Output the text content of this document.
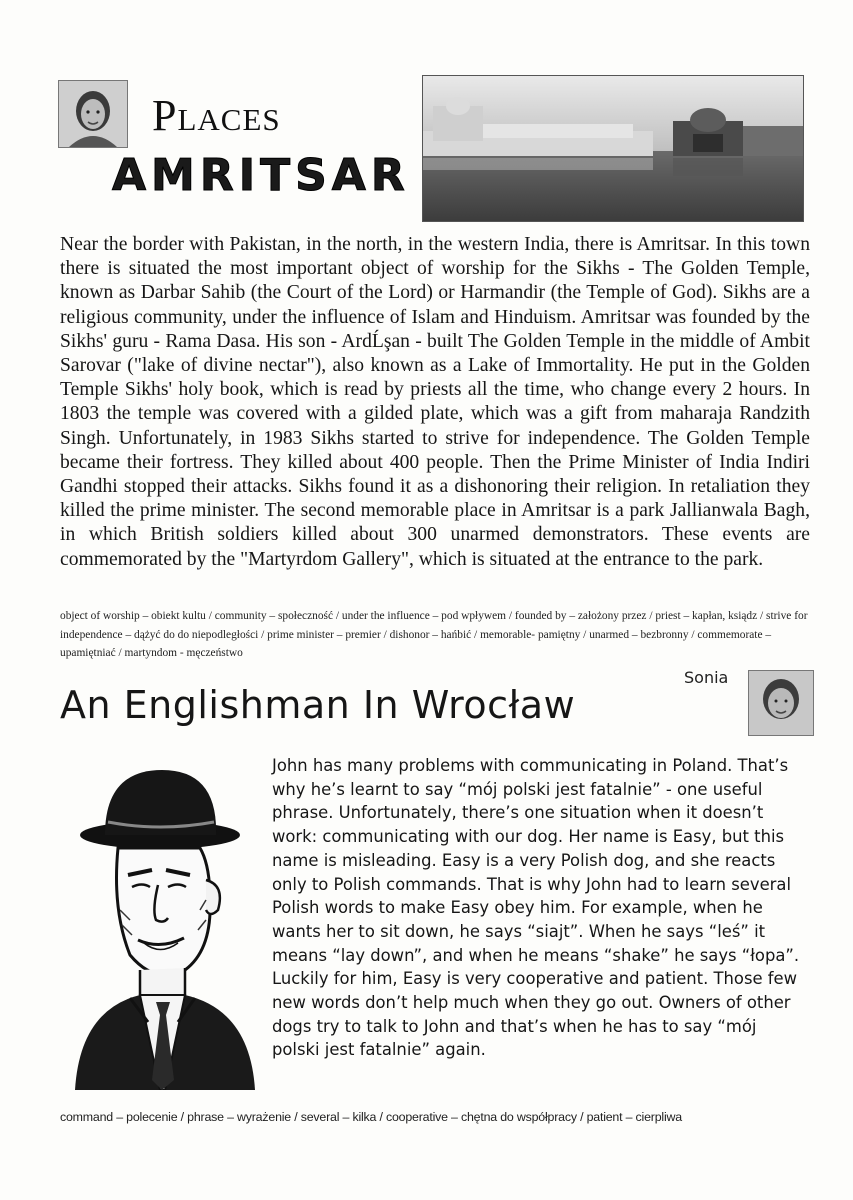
Places
AMRITSAR
Near the border with Pakistan, in the north, in the western India, there is Amritsar. In this town there is situated the most important object of worship for the Sikhs - The Golden Temple, known as Darbar Sahib (the Court of the Lord) or Harmandir (the Temple of God). Sikhs are a religious community, under the influence of Islam and Hinduism. Amritsar was founded by the Sikhs' guru - Rama Dasa. His son - ArdĹşan - built The Golden Temple in the middle of Ambit Sarovar ("lake of divine nectar"), also known as a Lake of Immortality. He put in the Golden Temple Sikhs' holy book, which is read by priests all the time, who change every 2 hours. In 1803 the temple was covered with a gilded plate, which was a gift from maharaja Randzith Singh. Unfortunately, in 1983 Sikhs started to strive for independence. The Golden Temple became their fortress. They killed about 400 people. Then the Prime Minister of India Indiri Gandhi stopped their attacks. Sikhs found it as a dishonoring their religion. In retaliation they killed the prime minister. The second memorable place in Amritsar is a park Jallianwala Bagh, in which British soldiers killed about 300 unarmed demonstrators. These events are commemorated by the "Martyrdom Gallery", which is situated at the entrance to the park.
object of worship – obiekt kultu / community – społeczność / under the influence – pod wpływem / founded by – założony przez / priest – kapłan, ksiądz / strive for independence – dążyć do do niepodległości / prime minister – premier / dishonor – hańbić / memorable- pamiętny / unarmed – bezbronny / commemorate – upamiętniać / martyndom - męczeństwo
An Englishman In Wrocław
Sonia
John has many problems with communicating in Poland. That’s why he’s learnt to say “mój polski jest fatalnie” - one useful phrase. Unfortunately, there’s one situation when it doesn’t work: communicating with our dog. Her name is Easy, but this name is misleading. Easy is a very Polish dog, and she reacts only to Polish commands. That is why John had to learn several Polish words to make Easy obey him. For example, when he wants her to sit down, he says “siajt”. When he says “leś” it means “lay down”, and when he means “shake” he says “łopa”. Luckily for him, Easy is very cooperative and patient. Those few new words don’t help much when they go out. Owners of other dogs try to talk to John and that’s when he has to say “mój polski jest fatalnie” again.
command – polecenie / phrase – wyrażenie / several – kilka / cooperative – chętna do współpracy / patient – cierpliwa
